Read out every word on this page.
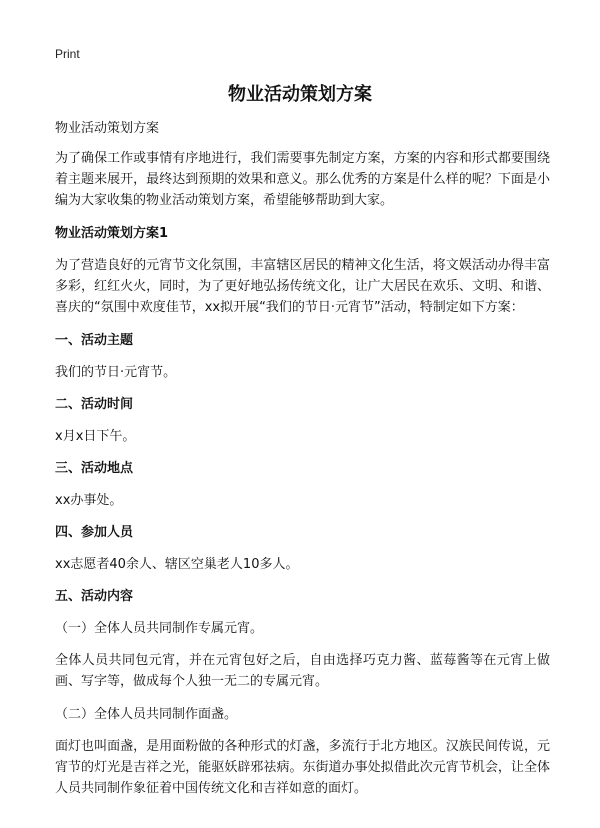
Print
物业活动策划方案

物业活动策划方案

为了确保工作或事情有序地进行，我们需要事先制定方案，方案的内容和形式都要围绕着主题来展开，最终达到预期的效果和意义。那么优秀的方案是什么样的呢？下面是小编为大家收集的物业活动策划方案，希望能够帮助到大家。

物业活动策划方案1

为了营造良好的元宵节文化氛围，丰富辖区居民的精神文化生活，将文娱活动办得丰富多彩，红红火火，同时，为了更好地弘扬传统文化，让广大居民在欢乐、文明、和谐、喜庆的“氛围中欢度佳节，xx拟开展“我们的节日·元宵节”活动，特制定如下方案：

一、活动主题

我们的节日·元宵节。

二、活动时间

x月x日下午。

三、活动地点

xx办事处。

四、参加人员

xx志愿者40余人、辖区空巢老人10多人。

五、活动内容

（一）全体人员共同制作专属元宵。

全体人员共同包元宵，并在元宵包好之后，自由选择巧克力酱、蓝莓酱等在元宵上做画、写字等，做成每个人独一无二的专属元宵。

（二）全体人员共同制作面盏。

面灯也叫面盏，是用面粉做的各种形式的灯盏，多流行于北方地区。汉族民间传说，元宵节的灯光是吉祥之光，能驱妖辟邪祛病。东街道办事处拟借此次元宵节机会，让全体人员共同制作象征着中国传统文化和吉祥如意的面灯。
